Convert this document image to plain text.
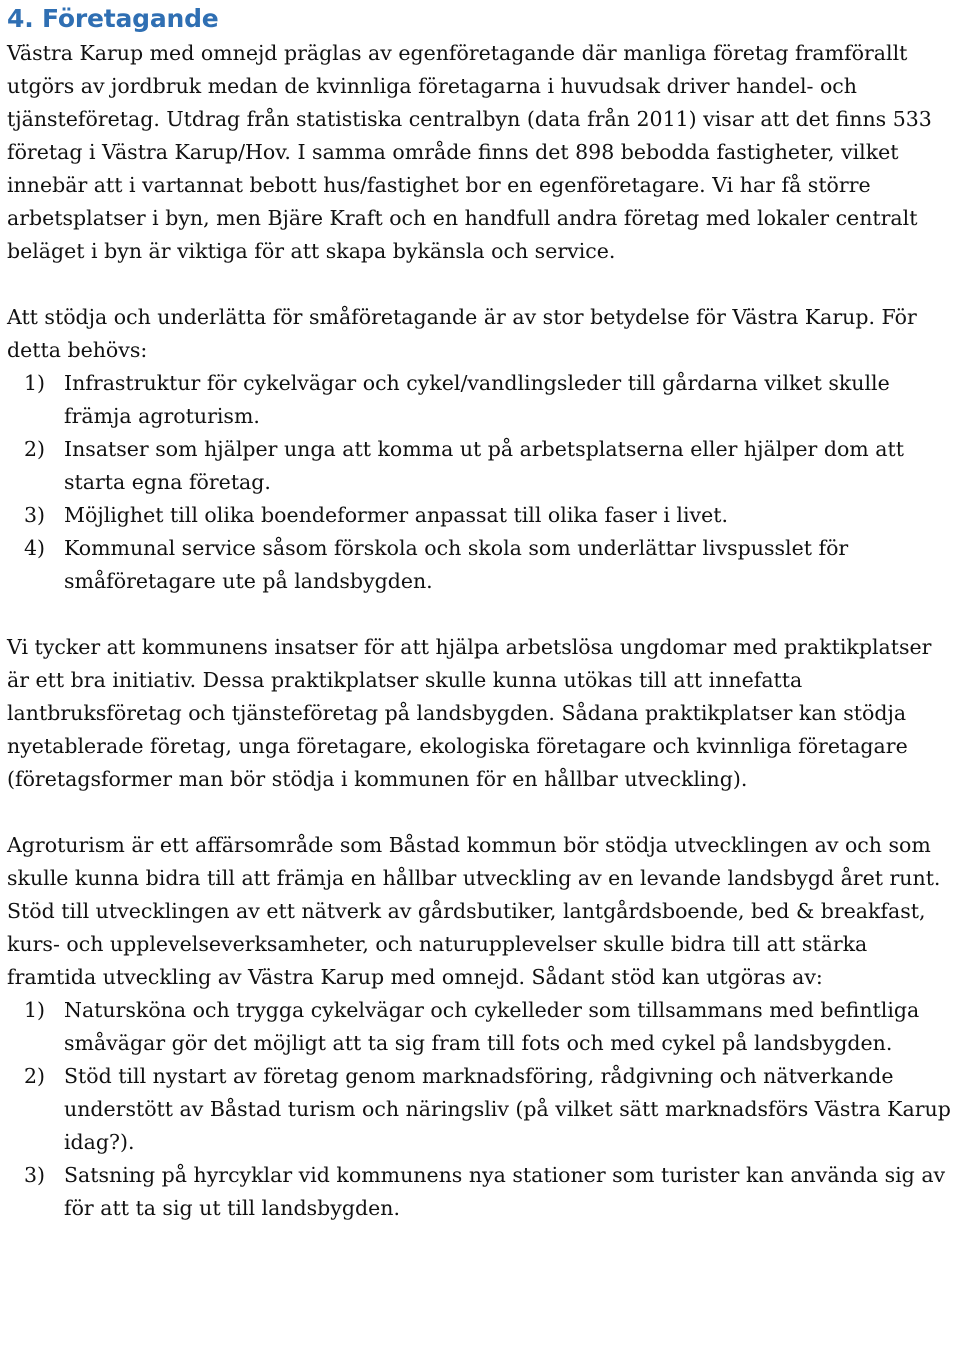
4. Företagande

Västra Karup med omnejd präglas av egenföretagande där manliga företag framförallt utgörs av jordbruk medan de kvinnliga företagarna i huvudsak driver handel- och tjänsteföretag. Utdrag från statistiska centralbyn (data från 2011) visar att det finns 533 företag i Västra Karup/Hov. I samma område finns det 898 bebodda fastigheter, vilket innebär att i vartannat bebott hus/fastighet bor en egenföretagare. Vi har få större arbetsplatser i byn, men Bjäre Kraft och en handfull andra företag med lokaler centralt beläget i byn är viktiga för att skapa bykänsla och service.

Att stödja och underlätta för småföretagande är av stor betydelse för Västra Karup. För detta behövs:

1) Infrastruktur för cykelvägar och cykel/vandlingsleder till gårdarna vilket skulle främja agroturism.
2) Insatser som hjälper unga att komma ut på arbetsplatserna eller hjälper dom att starta egna företag.
3) Möjlighet till olika boendeformer anpassat till olika faser i livet.
4) Kommunal service såsom förskola och skola som underlättar livspusslet för småföretagare ute på landsbygden.

Vi tycker att kommunens insatser för att hjälpa arbetslösa ungdomar med praktikplatser är ett bra initiativ. Dessa praktikplatser skulle kunna utökas till att innefatta lantbruksföretag och tjänsteföretag på landsbygden. Sådana praktikplatser kan stödja nyetablerade företag, unga företagare, ekologiska företagare och kvinnliga företagare (företagsformer man bör stödja i kommunen för en hållbar utveckling).

Agroturism är ett affärsområde som Båstad kommun bör stödja utvecklingen av och som skulle kunna bidra till att främja en hållbar utveckling av en levande landsbygd året runt. Stöd till utvecklingen av ett nätverk av gårdsbutiker, lantgårdsboende, bed & breakfast, kurs- och upplevelseverksamheter, och naturupplevelser skulle bidra till att stärka framtida utveckling av Västra Karup med omnejd. Sådant stöd kan utgöras av:

1) Natursköna och trygga cykelvägar och cykelleder som tillsammans med befintliga småvägar gör det möjligt att ta sig fram till fots och med cykel på landsbygden.
2) Stöd till nystart av företag genom marknadsföring, rådgivning och nätverkande understött av Båstad turism och näringsliv (på vilket sätt marknadsförs Västra Karup idag?).
3) Satsning på hyrcyklar vid kommunens nya stationer som turister kan använda sig av för att ta sig ut till landsbygden.
